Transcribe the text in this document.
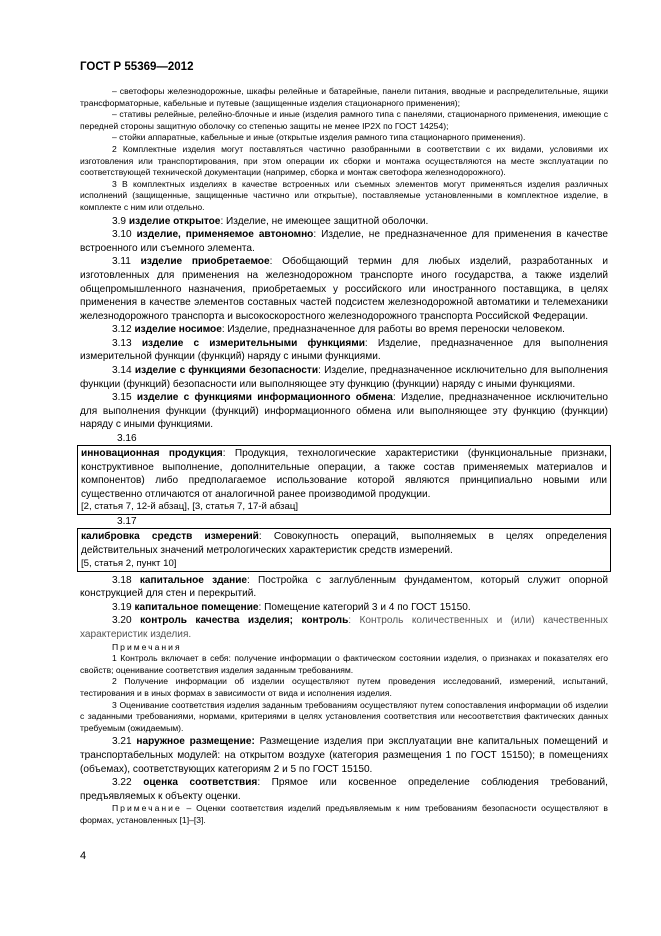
ГОСТ Р 55369—2012

– светофоры железнодорожные, шкафы релейные и батарейные, панели питания, вводные и распределительные, ящики трансформаторные, кабельные и путевые (защищенные изделия стационарного применения);

– стативы релейные, релейно-блочные и иные (изделия рамного типа с панелями, стационарного применения, имеющие с передней стороны защитную оболочку со степенью защиты не менее IP2X по ГОСТ 14254);

– стойки аппаратные, кабельные и иные (открытые изделия рамного типа стационарного применения).

2 Комплектные изделия могут поставляться частично разобранными в соответствии с их видами, условиями их изготовления или транспортирования, при этом операции их сборки и монтажа осуществляются на месте эксплуатации по соответствующей технической документации (например, сборка и монтаж светофора железнодорожного).

3 В комплектных изделиях в качестве встроенных или съемных элементов могут применяться изделия различных исполнений (защищенные, защищенные частично или открытые), поставляемые установленными в комплектное изделие, в комплекте с ним или отдельно.

3.9 изделие открытое: Изделие, не имеющее защитной оболочки.

3.10 изделие, применяемое автономно: Изделие, не предназначенное для применения в качестве встроенного или съемного элемента.

3.11 изделие приобретаемое: Обобщающий термин для любых изделий, разработанных и изготовленных для применения на железнодорожном транспорте иного государства, а также изделий общепромышленного назначения, приобретаемых у российского или иностранного поставщика, в целях применения в качестве элементов составных частей подсистем железнодорожной автоматики и телемеханики железнодорожного транспорта и высокоскоростного железнодорожного транспорта Российской Федерации.

3.12 изделие носимое: Изделие, предназначенное для работы во время переноски человеком.

3.13 изделие с измерительными функциями: Изделие, предназначенное для выполнения измерительной функции (функций) наряду с иными функциями.

3.14 изделие с функциями безопасности: Изделие, предназначенное исключительно для выполнения функции (функций) безопасности или выполняющее эту функцию (функции) наряду с иными функциями.

3.15 изделие с функциями информационного обмена: Изделие, предназначенное исключительно для выполнения функции (функций) информационного обмена или выполняющее эту функцию (функции) наряду с иными функциями.

3.16

инновационная продукция: Продукция, технологические характеристики (функциональные признаки, конструктивное выполнение, дополнительные операции, а также состав применяемых материалов и компонентов) либо предполагаемое использование которой являются принципиально новыми или существенно отличаются от аналогичной ранее производимой продукции.

[2, статья 7, 12-й абзац], [3, статья 7, 17-й абзац]

3.17

калибровка средств измерений: Совокупность операций, выполняемых в целях определения действительных значений метрологических характеристик средств измерений.

[5, статья 2, пункт 10]

3.18 капитальное здание: Постройка с заглубленным фундаментом, который служит опорной конструкцией для стен и перекрытий.

3.19 капитальное помещение: Помещение категорий 3 и 4 по ГОСТ 15150.

3.20 контроль качества изделия; контроль: Контроль количественных и (или) качественных характеристик изделия.

Примечания

1 Контроль включает в себя: получение информации о фактическом состоянии изделия, о признаках и показателях его свойств; оценивание соответствия изделия заданным требованиям.

2 Получение информации об изделии осуществляют путем проведения исследований, измерений, испытаний, тестирования и в иных формах в зависимости от вида и исполнения изделия.

3 Оценивание соответствия изделия заданным требованиям осуществляют путем сопоставления информации об изделии с заданными требованиями, нормами, критериями в целях установления соответствия или несоответствия фактических данных требуемым (ожидаемым).

3.21 наружное размещение: Размещение изделия при эксплуатации вне капитальных помещений и транспортабельных модулей: на открытом воздухе (категория размещения 1 по ГОСТ 15150); в помещениях (объемах), соответствующих категориям 2 и 5 по ГОСТ 15150.

3.22 оценка соответствия: Прямое или косвенное определение соблюдения требований, предъявляемых к объекту оценки.

Примечание – Оценки соответствия изделий предъявляемым к ним требованиям безопасности осуществляют в формах, установленных [1]–[3].

4
